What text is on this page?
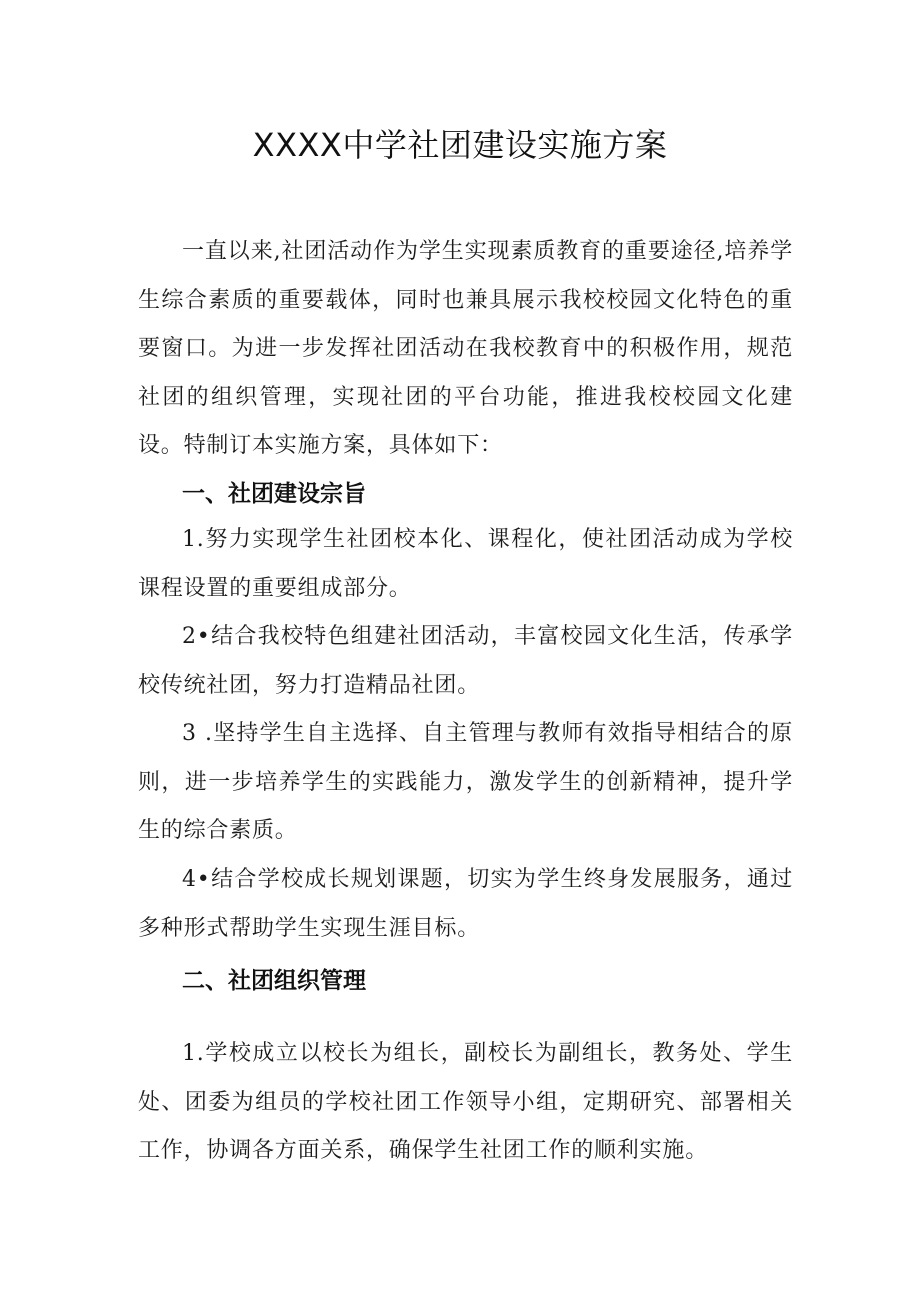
XXXX中学社团建设实施方案

一直以来,社团活动作为学生实现素质教育的重要途径,培养学生综合素质的重要载体，同时也兼具展示我校校园文化特色的重要窗口。为进一步发挥社团活动在我校教育中的积极作用，规范社团的组织管理，实现社团的平台功能，推进我校校园文化建设。特制订本实施方案，具体如下：

一、社团建设宗旨

1.努力实现学生社团校本化、课程化，使社团活动成为学校课程设置的重要组成部分。

2•结合我校特色组建社团活动，丰富校园文化生活，传承学校传统社团，努力打造精品社团。

3 .坚持学生自主选择、自主管理与教师有效指导相结合的原则，进一步培养学生的实践能力，激发学生的创新精神，提升学生的综合素质。

4•结合学校成长规划课题，切实为学生终身发展服务，通过多种形式帮助学生实现生涯目标。

二、社团组织管理

1.学校成立以校长为组长，副校长为副组长，教务处、学生处、团委为组员的学校社团工作领导小组，定期研究、部署相关工作，协调各方面关系，确保学生社团工作的顺利实施。
